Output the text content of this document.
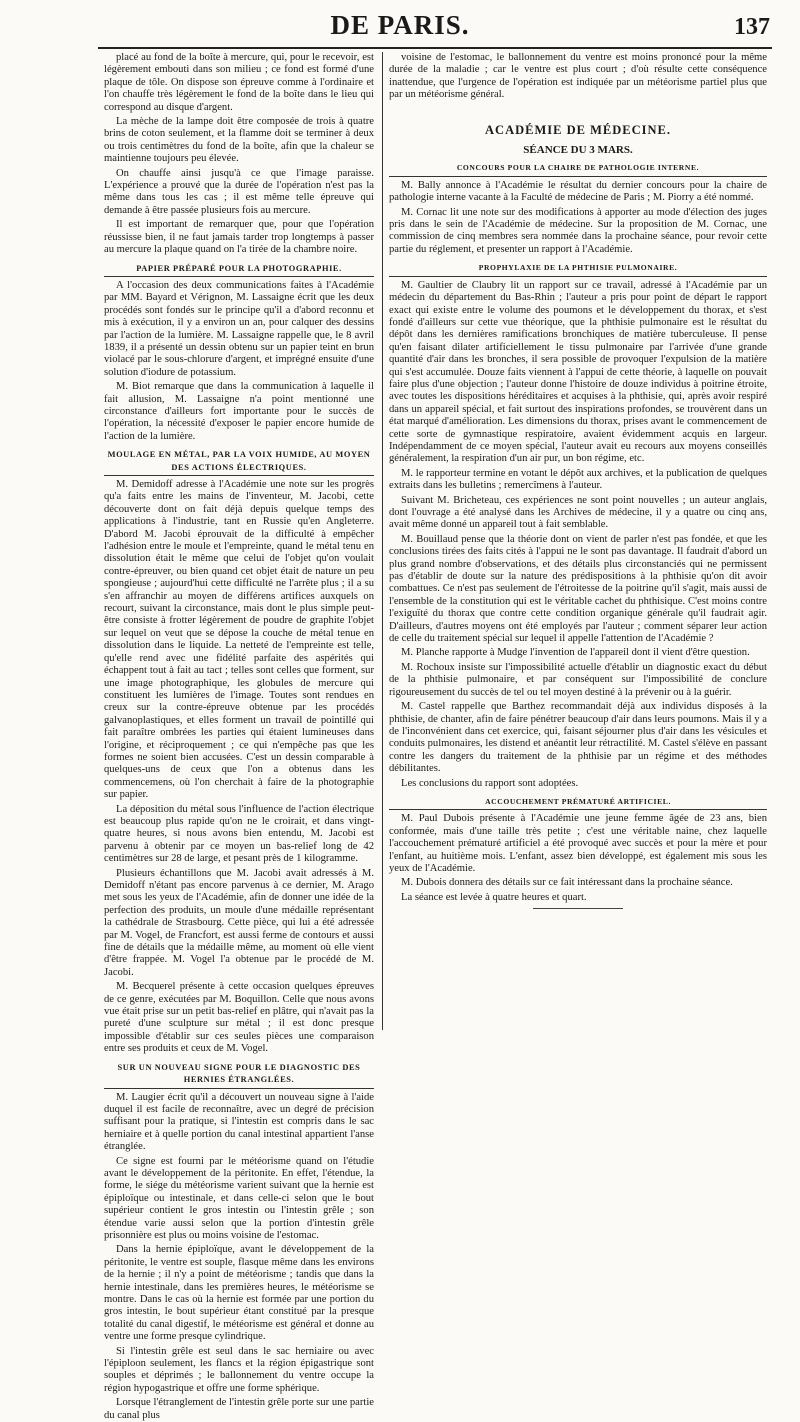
DE PARIS.	137

placé au fond de la boîte à mercure, qui, pour le recevoir, est légèrement embouti dans son milieu ; ce fond est formé d'une plaque de tôle. On dispose son épreuve comme à l'ordinaire et l'on chauffe très légèrement le fond de la boîte dans le lieu qui correspond au disque d'argent.

La mèche de la lampe doit être composée de trois à quatre brins de coton seulement, et la flamme doit se terminer à deux ou trois centimètres du fond de la boîte, afin que la chaleur se maintienne toujours peu élevée.

On chauffe ainsi jusqu'à ce que l'image paraisse. L'expérience a prouvé que la durée de l'opération n'est pas la même dans tous les cas ; il est même telle épreuve qui demande à être passée plusieurs fois au mercure.

Il est important de remarquer que, pour que l'opération réussisse bien, il ne faut jamais tarder trop longtemps à passer au mercure la plaque quand on l'a tirée de la chambre noire.

PAPIER PRÉPARÉ POUR LA PHOTOGRAPHIE.

A l'occasion des deux communications faites à l'Académie par MM. Bayard et Vérignon, M. Lassaigne écrit que les deux procédés sont fondés sur le principe qu'il a d'abord reconnu et mis à exécution, il y a environ un an, pour calquer des dessins par l'action de la lumière. M. Lassaigne rappelle que, le 8 avril 1839, il a présenté un dessin obtenu sur un papier teint en brun violacé par le sous-chlorure d'argent, et imprégné ensuite d'une solution d'iodure de potassium.

M. Biot remarque que dans la communication à laquelle il fait allusion, M. Lassaigne n'a point mentionné une circonstance d'ailleurs fort importante pour le succès de l'opération, la nécessité d'exposer le papier encore humide de l'action de la lumière.

MOULAGE EN MÉTAL, PAR LA VOIX HUMIDE, AU MOYEN DES ACTIONS ÉLECTRIQUES.

M. Demidoff adresse à l'Académie une note sur les progrès qu'a faits entre les mains de l'inventeur, M. Jacobi, cette découverte dont on fait déjà depuis quelque temps des applications à l'industrie, tant en Russie qu'en Angleterre. D'abord M. Jacobi éprouvait de la difficulté à empêcher l'adhésion entre le moule et l'empreinte, quand le métal tenu en dissolution était le même que celui de l'objet qu'on voulait contre-épreuver, ou bien quand cet objet était de nature un peu spongieuse ; aujourd'hui cette difficulté ne l'arrête plus ; il a su s'en affranchir au moyen de différens artifices auxquels on recourt, suivant la circonstance, mais dont le plus simple peut-être consiste à frotter légèrement de poudre de graphite l'objet sur lequel on veut que se dépose la couche de métal tenue en dissolution dans le liquide. La netteté de l'empreinte est telle, qu'elle rend avec une fidélité parfaite des aspérités qui échappent tout à fait au tact ; telles sont celles que forment, sur une image photographique, les globules de mercure qui constituent les lumières de l'image. Toutes sont rendues en creux sur la contre-épreuve obtenue par les procédés galvanoplastiques, et elles forment un travail de pointillé qui fait paraître ombrées les parties qui étaient lumineuses dans l'origine, et réciproquement ; ce qui n'empêche pas que les formes ne soient bien accusées. C'est un dessin comparable à quelques-uns de ceux que l'on a obtenus dans les commencemens, où l'on cherchait à faire de la photographie sur papier.

La déposition du métal sous l'influence de l'action électrique est beaucoup plus rapide qu'on ne le croirait, et dans vingt-quatre heures, si nous avons bien entendu, M. Jacobi est parvenu à obtenir par ce moyen un bas-relief long de 42 centimètres sur 28 de large, et pesant près de 1 kilogramme.

Plusieurs échantillons que M. Jacobi avait adressés à M. Demidoff n'étant pas encore parvenus à ce dernier, M. Arago met sous les yeux de l'Académie, afin de donner une idée de la perfection des produits, un moule d'une médaille représentant la cathédrale de Strasbourg. Cette pièce, qui lui a été adressée par M. Vogel, de Francfort, est aussi ferme de contours et aussi fine de détails que la médaille même, au moment où elle vient d'être frappée. M. Vogel l'a obtenue par le procédé de M. Jacobi.

M. Becquerel présente à cette occasion quelques épreuves de ce genre, exécutées par M. Boquillon. Celle que nous avons vue était prise sur un petit bas-relief en plâtre, qui n'avait pas la pureté d'une sculpture sur métal ; il est donc presque impossible d'établir sur ces seules pièces une comparaison entre ses produits et ceux de M. Vogel.

SUR UN NOUVEAU SIGNE POUR LE DIAGNOSTIC DES HERNIES ÉTRANGLÉES.

M. Laugier écrit qu'il a découvert un nouveau signe à l'aide duquel il est facile de reconnaître, avec un degré de précision suffisant pour la pratique, si l'intestin est compris dans le sac herniaire et à quelle portion du canal intestinal appartient l'anse étranglée.

Ce signe est fourni par le météorisme quand on l'étudie avant le développement de la péritonite. En effet, l'étendue, la forme, le siége du météorisme varient suivant que la hernie est épiploïque ou intestinale, et dans celle-ci selon que le bout supérieur contient le gros intestin ou l'intestin grêle ; son étendue varie aussi selon que la portion d'intestin grêle prisonnière est plus ou moins voisine de l'estomac.

Dans la hernie épiploïque, avant le développement de la péritonite, le ventre est souple, flasque même dans les environs de la hernie ; il n'y a point de météorisme ; tandis que dans la hernie intestinale, dans les premières heures, le météorisme se montre. Dans le cas où la hernie est formée par une portion du gros intestin, le bout supérieur étant constitué par la presque totalité du canal digestif, le météorisme est général et donne au ventre une forme presque cylindrique.

Si l'intestin grêle est seul dans le sac herniaire ou avec l'épiploon seulement, les flancs et la région épigastrique sont souples et déprimés ; le ballonnement du ventre occupe la région hypogastrique et offre une forme sphérique.

Lorsque l'étranglement de l'intestin grêle porte sur une partie du canal plus

voisine de l'estomac, le ballonnement du ventre est moins prononcé pour la même durée de la maladie ; car le ventre est plus court ; d'où résulte cette conséquence inattendue, que l'urgence de l'opération est indiquée par un météorisme partiel plus que par un météorisme général.

ACADÉMIE DE MÉDECINE.

SÉANCE DU 3 MARS.

CONCOURS POUR LA CHAIRE DE PATHOLOGIE INTERNE.

M. Bally annonce à l'Académie le résultat du dernier concours pour la chaire de pathologie interne vacante à la Faculté de médecine de Paris ; M. Piorry a été nommé.

M. Cornac lit une note sur des modifications à apporter au mode d'élection des juges pris dans le sein de l'Académie de médecine. Sur la proposition de M. Cornac, une commission de cinq membres sera nommée dans la prochaine séance, pour revoir cette partie du réglement, et presenter un rapport à l'Académie.

PROPHYLAXIE DE LA PHTHISIE PULMONAIRE.

M. Gaultier de Claubry lit un rapport sur ce travail, adressé à l'Académie par un médecin du département du Bas-Rhin ; l'auteur a pris pour point de départ le rapport exact qui existe entre le volume des poumons et le développement du thorax, et s'est fondé d'ailleurs sur cette vue théorique, que la phthisie pulmonaire est le résultat du dépôt dans les dernières ramifications bronchiques de matière tuberculeuse. Il pense qu'en faisant dilater artificiellement le tissu pulmonaire par l'arrivée d'une grande quantité d'air dans les bronches, il sera possible de provoquer l'expulsion de la matière qui s'est accumulée. Douze faits viennent à l'appui de cette théorie, à laquelle on pouvait faire plus d'une objection ; l'auteur donne l'histoire de douze individus à poitrine étroite, avec toutes les dispositions héréditaires et acquises à la phthisie, qui, après avoir respiré dans un appareil spécial, et fait surtout des inspirations profondes, se trouvèrent dans un état marqué d'amélioration. Les dimensions du thorax, prises avant le commencement de cette sorte de gymnastique respiratoire, avaient évidemment acquis en largeur. Indépendamment de ce moyen spécial, l'auteur avait eu recours aux moyens conseillés généralement, la respiration d'un air pur, un bon régime, etc.

M. le rapporteur termine en votant le dépôt aux archives, et la publication de quelques extraits dans les bulletins ; remercîmens à l'auteur.

Suivant M. Bricheteau, ces expériences ne sont point nouvelles ; un auteur anglais, dont l'ouvrage a été analysé dans les Archives de médecine, il y a quatre ou cinq ans, avait même donné un appareil tout à fait semblable.

M. Bouillaud pense que la théorie dont on vient de parler n'est pas fondée, et que les conclusions tirées des faits cités à l'appui ne le sont pas davantage. Il faudrait d'abord un plus grand nombre d'observations, et des détails plus circonstanciés qui ne permissent pas d'établir de doute sur la nature des prédispositions à la phthisie qu'on dit avoir combattues. Ce n'est pas seulement de l'étroitesse de la poitrine qu'il s'agit, mais aussi de l'ensemble de la constitution qui est le véritable cachet du phthisique. C'est moins contre l'exiguïté du thorax que contre cette condition organique générale qu'il faudrait agir. D'ailleurs, d'autres moyens ont été employés par l'auteur ; comment séparer leur action de celle du traitement spécial sur lequel il appelle l'attention de l'Académie ?

M. Planche rapporte à Mudge l'invention de l'appareil dont il vient d'être question.

M. Rochoux insiste sur l'impossibilité actuelle d'établir un diagnostic exact du début de la phthisie pulmonaire, et par conséquent sur l'impossibilité de conclure rigoureusement du succès de tel ou tel moyen destiné à la prévenir ou à la guérir.

M. Castel rappelle que Barthez recommandait déjà aux individus disposés à la phthisie, de chanter, afin de faire pénétrer beaucoup d'air dans leurs poumons. Mais il y a de l'inconvénient dans cet exercice, qui, faisant séjourner plus d'air dans les vésicules et conduits pulmonaires, les distend et anéantit leur rétractilité. M. Castel s'élève en passant contre les dangers du traitement de la phthisie par un régime et des méthodes débilitantes.

Les conclusions du rapport sont adoptées.

ACCOUCHEMENT PRÉMATURÉ ARTIFICIEL.

M. Paul Dubois présente à l'Académie une jeune femme âgée de 23 ans, bien conformée, mais d'une taille très petite ; c'est une véritable naine, chez laquelle l'accouchement prématuré artificiel a été provoqué avec succès et pour la mère et pour l'enfant, au huitième mois. L'enfant, assez bien développé, est également mis sous les yeux de l'Académie.

M. Dubois donnera des détails sur ce fait intéressant dans la prochaine séance.

La séance est levée à quatre heures et quart.
